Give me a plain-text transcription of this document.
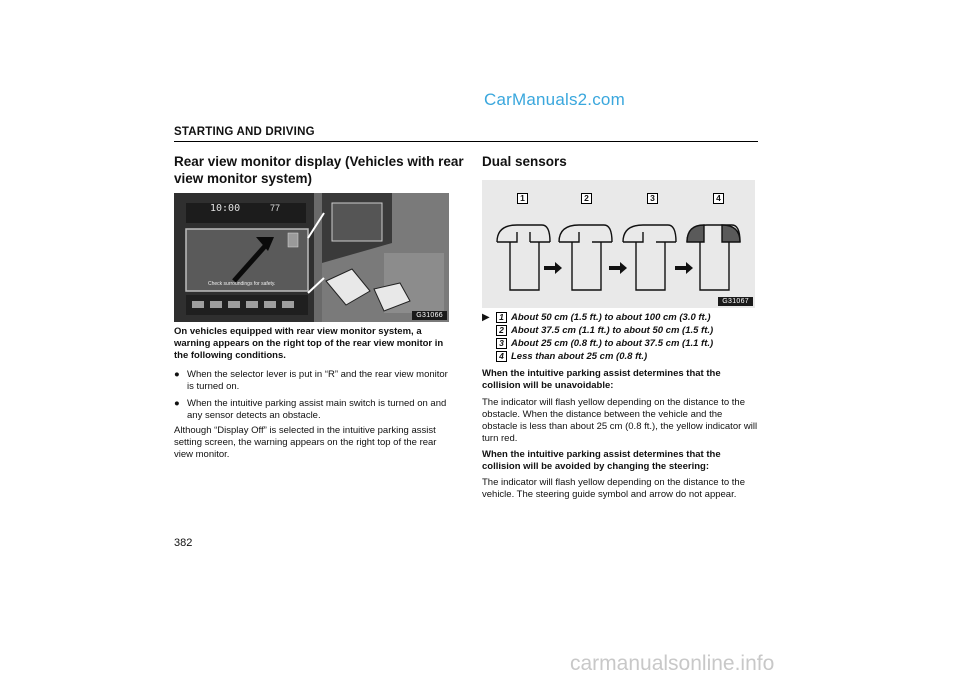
CarManuals2.com
carmanualsonline.info
STARTING AND DRIVING
Rear view monitor display (Vehicles with rear view monitor system)
10:00	77
Check surroundings for safety.
G31066
On vehicles equipped with rear view monitor system, a warning appears on the right top of the rear view monitor in the following conditions.
● When the selector lever is put in “R” and the rear view monitor is turned on.
● When the intuitive parking assist main switch is turned on and any sensor detects an obstacle.
Although “Display Off” is selected in the intuitive parking assist setting screen, the warning appears on the right top of the rear view monitor.
Dual sensors
1	2	3	4
G31067
▶	1 About 50 cm (1.5 ft.) to about 100 cm (3.0 ft.)
2 About 37.5 cm (1.1 ft.) to about 50 cm (1.5 ft.)
3 About 25 cm (0.8 ft.) to about 37.5 cm (1.1 ft.)
4 Less than about 25 cm (0.8 ft.)
When the intuitive parking assist determines that the collision will be unavoidable:
The indicator will flash yellow depending on the distance to the obstacle. When the distance between the vehicle and the obstacle is less than about 25 cm (0.8 ft.), the yellow indicator will turn red.
When the intuitive parking assist determines that the collision will be avoided by changing the steering:
The indicator will flash yellow depending on the distance to the vehicle. The steering guide symbol and arrow do not appear.
382
